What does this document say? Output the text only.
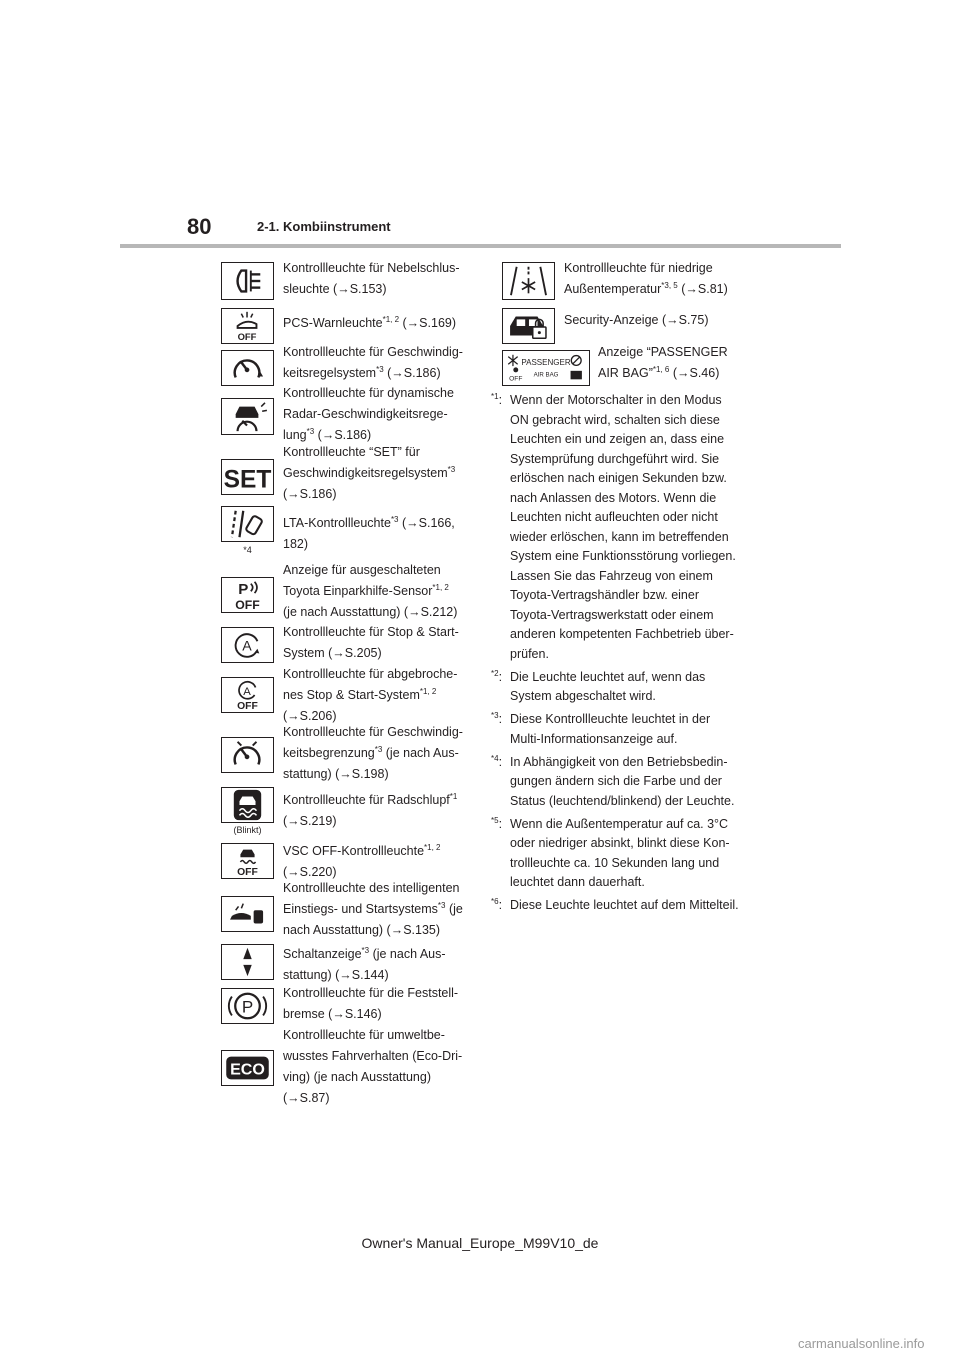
80	2-1. Kombiinstrument
Kontrollleuchte für Nebelschlus-
sleuchte (→S.153)
OFF
PCS-Warnleuchte$^{*1, 2}$ (→S.169)
Kontrollleuchte für Geschwindig-
keitsregelsystem$^{*3}$ (→S.186)
Kontrollleuchte für dynamische
Radar-Geschwindigkeitsrege-
lung$^{*3}$ (→S.186)
SET
Kontrollleuchte “SET” für
Geschwindigkeitsregelsystem$^{*3}$
(→S.186)
*4
LTA-Kontrollleuchte$^{*3}$ (→S.166,
182)
P
OFF
Anzeige für ausgeschalteten
Toyota Einparkhilfe-Sensor$^{*1, 2}$
(je nach Ausstattung) (→S.212)
A
Kontrollleuchte für Stop & Start-
System (→S.205)
A
OFF
Kontrollleuchte für abgebroche-
nes Stop & Start-System$^{*1, 2}$
(→S.206)
Kontrollleuchte für Geschwindig-
keitsbegrenzung$^{*3}$ (je nach Aus-
stattung) (→S.198)
(Blinkt)
Kontrollleuchte für Radschlupf$^{*1}$
(→S.219)
OFF
VSC OFF-Kontrollleuchte$^{*1, 2}$
(→S.220)
Kontrollleuchte des intelligenten
Einstiegs- und Startsystems$^{*3}$ (je
nach Ausstattung) (→S.135)
Schaltanzeige$^{*3}$ (je nach Aus-
stattung) (→S.144)
P
Kontrollleuchte für die Feststell-
bremse (→S.146)
ECO
Kontrollleuchte für umweltbe-
wusstes Fahrverhalten (Eco-Dri-
ving) (je nach Ausstattung)
(→S.87)
Kontrollleuchte für niedrige
Außentemperatur$^{*3, 5}$ (→S.81)
Security-Anzeige (→S.75)
OFF
PASSENGER
AIR BAG
Anzeige “PASSENGER
AIR BAG”$^{*1, 6}$ (→S.46)
$^{*1}$: Wenn der Motorschalter in den Modus
ON gebracht wird, schalten sich diese
Leuchten ein und zeigen an, dass eine
Systemprüfung durchgeführt wird. Sie
erlöschen nach einigen Sekunden bzw.
nach Anlassen des Motors. Wenn die
Leuchten nicht aufleuchten oder nicht
wieder erlöschen, kann im betreffenden
System eine Funktionsstörung vorliegen.
Lassen Sie das Fahrzeug von einem
Toyota-Vertragshändler bzw. einer
Toyota-Vertragswerkstatt oder einem
anderen kompetenten Fachbetrieb über-
prüfen.
$^{*2}$: Die Leuchte leuchtet auf, wenn das
System abgeschaltet wird.
$^{*3}$: Diese Kontrollleuchte leuchtet in der
Multi-Informationsanzeige auf.
$^{*4}$: In Abhängigkeit von den Betriebsbedin-
gungen ändern sich die Farbe und der
Status (leuchtend/blinkend) der Leuchte.
$^{*5}$: Wenn die Außentemperatur auf ca. 3°C
oder niedriger absinkt, blinkt diese Kon-
trollleuchte ca. 10 Sekunden lang und
leuchtet dann dauerhaft.
$^{*6}$: Diese Leuchte leuchtet auf dem Mittelteil.
Owner's Manual_Europe_M99V10_de
carmanualsonline.info
